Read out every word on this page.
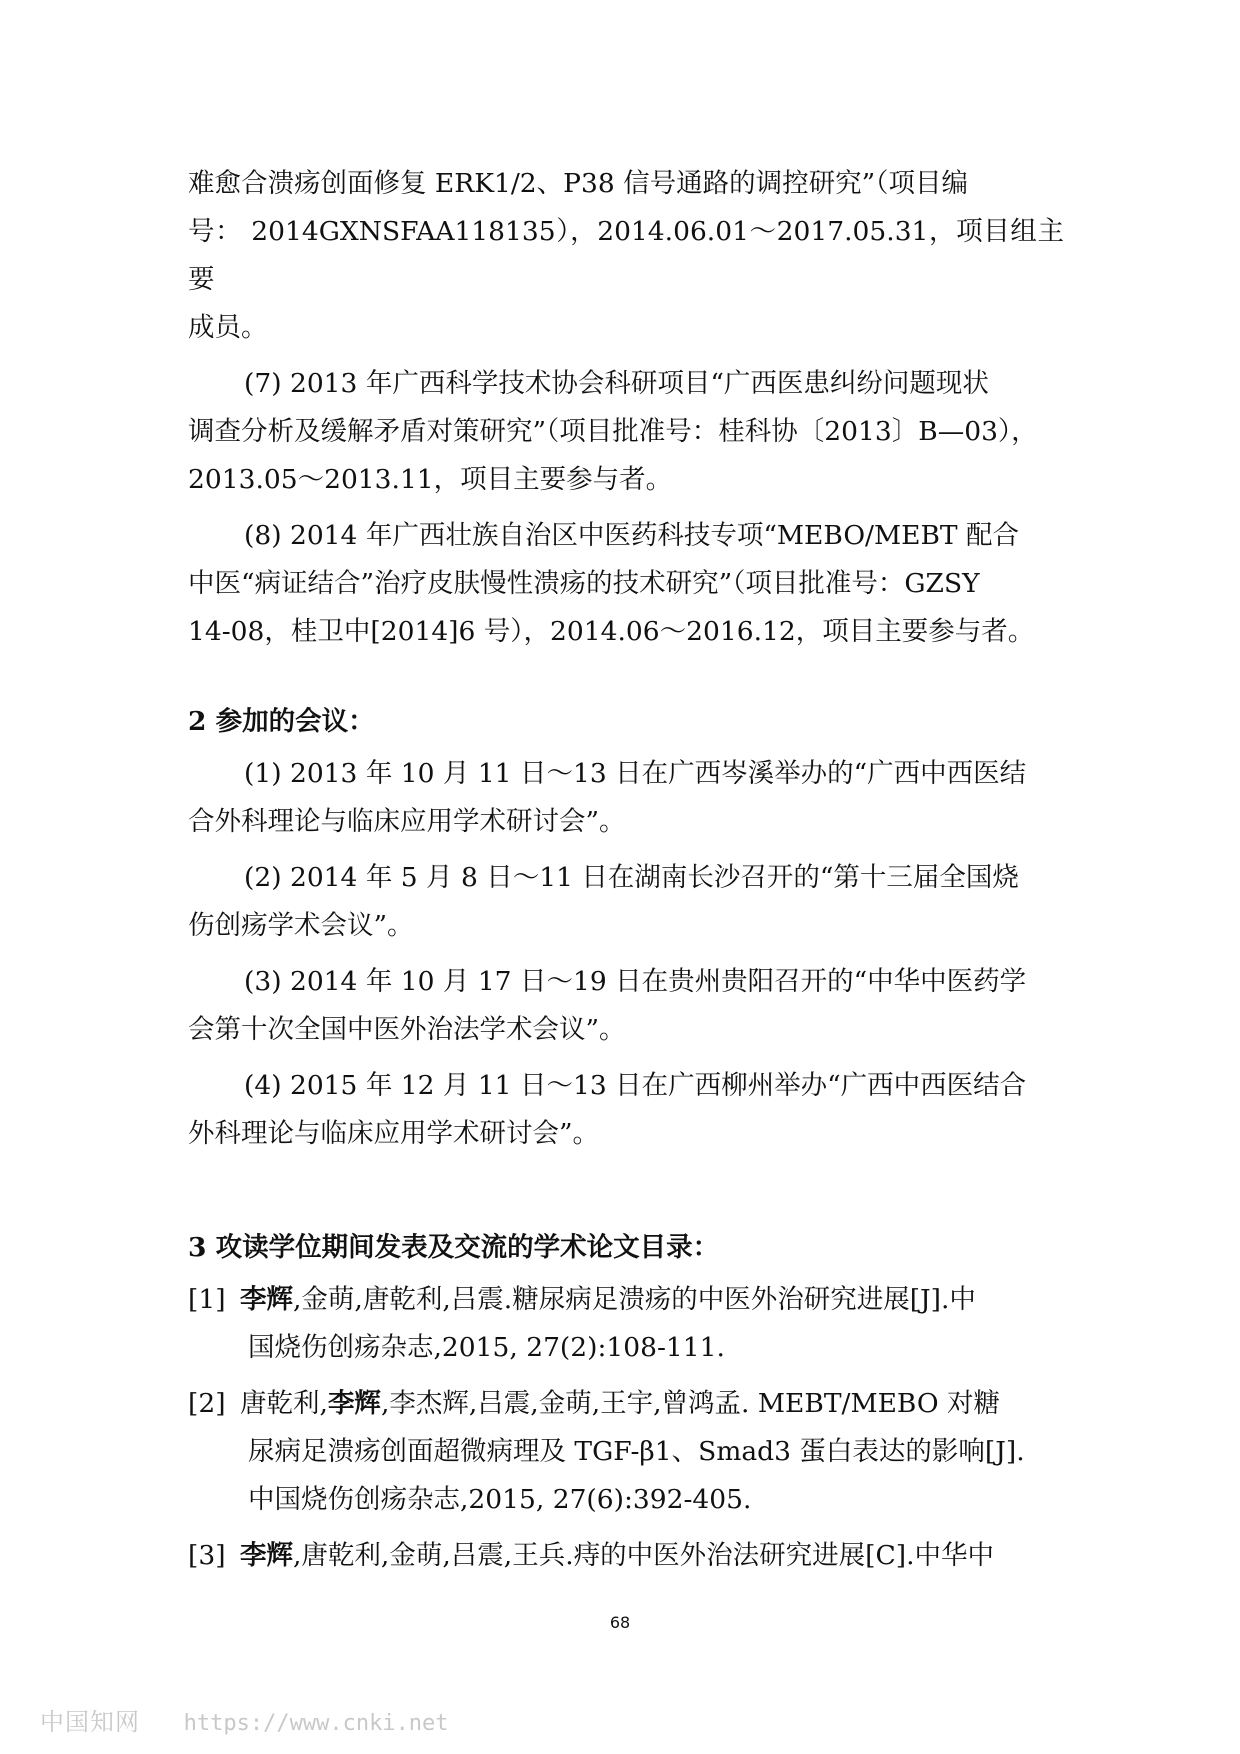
难愈合溃疡创面修复 ERK1/2、P38 信号通路的调控研究”（项目编
号： 2014GXNSFAA118135），2014.06.01～2017.05.31，项目组主要
成员。

(7) 2013 年广西科学技术协会科研项目“广西医患纠纷问题现状
调查分析及缓解矛盾对策研究”（项目批准号：桂科协〔2013〕B—03），
2013.05～2013.11，项目主要参与者。

(8) 2014 年广西壮族自治区中医药科技专项“MEBO/MEBT 配合
中医“病证结合”治疗皮肤慢性溃疡的技术研究”（项目批准号：GZSY
14-08，桂卫中[2014]6 号），2014.06～2016.12，项目主要参与者。

2 参加的会议：

(1) 2013 年 10 月 11 日～13 日在广西岑溪举办的“广西中西医结
合外科理论与临床应用学术研讨会”。

(2) 2014 年 5 月 8 日～11 日在湖南长沙召开的“第十三届全国烧
伤创疡学术会议”。

(3) 2014 年 10 月 17 日～19 日在贵州贵阳召开的“中华中医药学
会第十次全国中医外治法学术会议”。

(4) 2015 年 12 月 11 日～13 日在广西柳州举办“广西中西医结合
外科理论与临床应用学术研讨会”。

3 攻读学位期间发表及交流的学术论文目录：
[1] 李辉,金萌,唐乾利,吕震.糖尿病足溃疡的中医外治研究进展[J].中
国烧伤创疡杂志,2015, 27(2):108-111.
[2] 唐乾利,李辉,李杰辉,吕震,金萌,王宇,曾鸿孟. MEBT/MEBO 对糖
尿病足溃疡创面超微病理及 TGF-β1、Smad3 蛋白表达的影响[J].
中国烧伤创疡杂志,2015, 27(6):392-405.
[3] 李辉,唐乾利,金萌,吕震,王兵.痔的中医外治法研究进展[C].中华中
68
中国知网 https://www.cnki.net
